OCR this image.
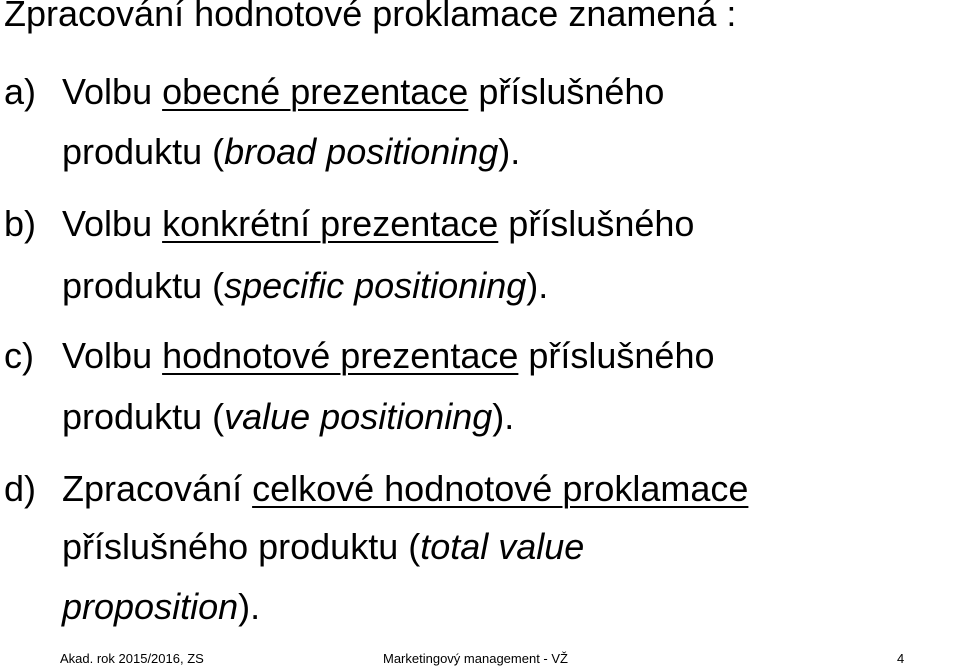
Zpracování hodnotové proklamace znamená :
a) Volbu obecné prezentace příslušného
produktu (broad positioning).
b) Volbu konkrétní prezentace příslušného
produktu (specific positioning).
c) Volbu hodnotové prezentace příslušného
produktu (value positioning).
d) Zpracování celkové hodnotové proklamace
příslušného produktu (total value
proposition).
Akad. rok 2015/2016, ZS	Marketingový management - VŽ	4
